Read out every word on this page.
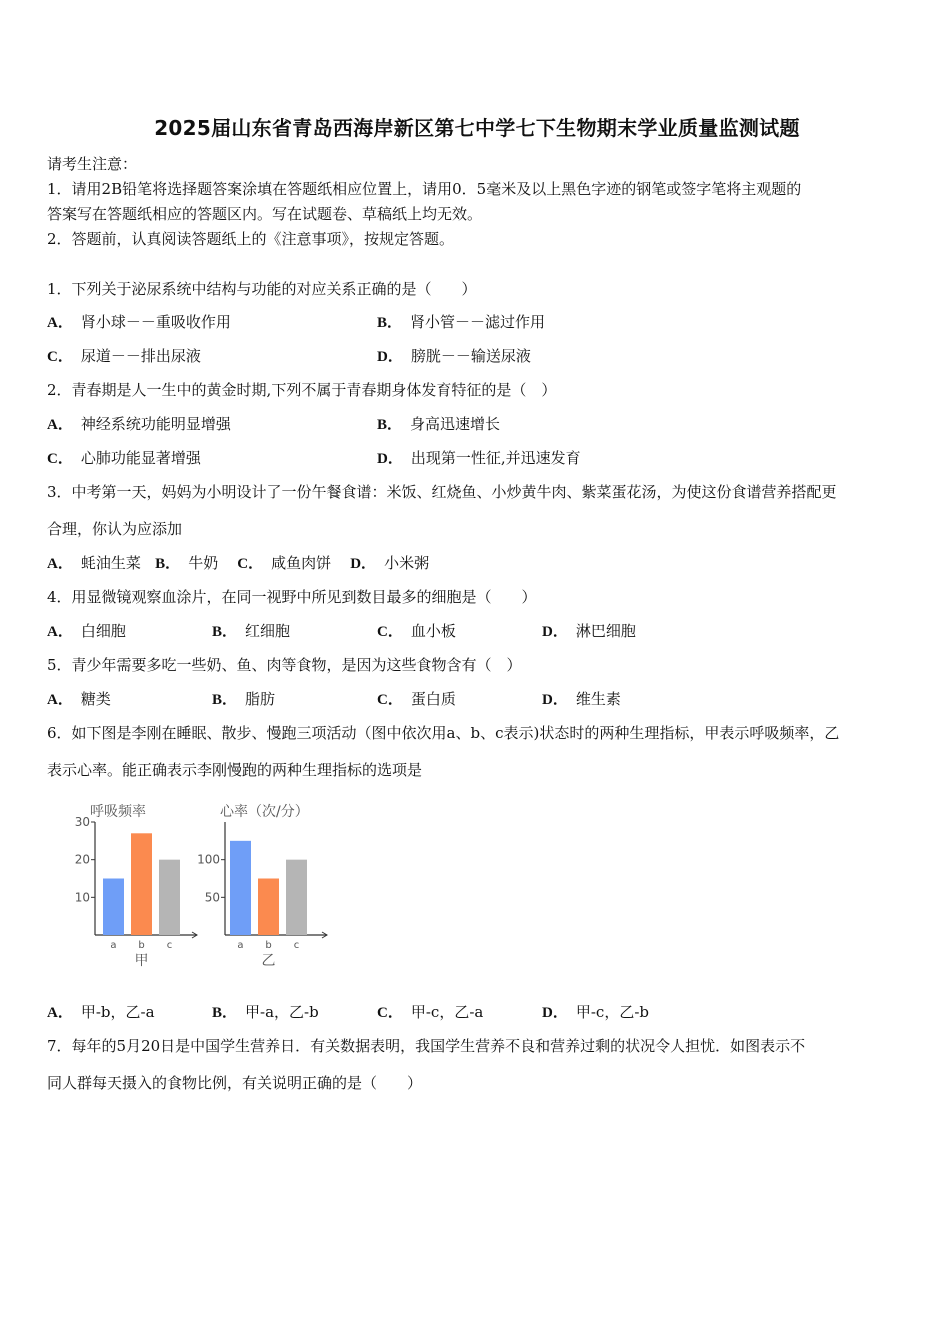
2025届山东省青岛西海岸新区第七中学七下生物期末学业质量监测试题
请考生注意：
1．请用2B铅笔将选择题答案涂填在答题纸相应位置上，请用0．5毫米及以上黑色字迹的钢笔或签字笔将主观题的
答案写在答题纸相应的答题区内。写在试题卷、草稿纸上均无效。
2．答题前，认真阅读答题纸上的《注意事项》，按规定答题。
1．下列关于泌尿系统中结构与功能的对应关系正确的是（　　）
A． 肾小球－－重吸收作用	B． 肾小管－－滤过作用
C． 尿道－－排出尿液	D． 膀胱－－输送尿液
2．青春期是人一生中的黄金时期,下列不属于青春期身体发育特征的是（　）
A． 神经系统功能明显增强	B． 身高迅速增长
C． 心肺功能显著增强	D． 出现第一性征,并迅速发育
3．中考第一天，妈妈为小明设计了一份午餐食谱：米饭、红烧鱼、小炒黄牛肉、紫菜蛋花汤，为使这份食谱营养搭配更
合理，你认为应添加
A． 蚝油生菜 B． 牛奶 C． 咸鱼肉饼 D． 小米粥
4．用显微镜观察血涂片，在同一视野中所见到数目最多的细胞是（　　）
A． 白细胞	B． 红细胞	C． 血小板	D． 淋巴细胞
5．青少年需要多吃一些奶、鱼、肉等食物，是因为这些食物含有（　）
A． 糖类	B． 脂肪	C． 蛋白质	D． 维生素
6．如下图是李刚在睡眠、散步、慢跑三项活动（图中依次用a、b、c表示)状态时的两种生理指标，甲表示呼吸频率，乙
表示心率。能正确表示李刚慢跑的两种生理指标的选项是
A． 甲-b，乙-a	B． 甲-a，乙-b	C． 甲-c，乙-a	D． 甲-c，乙-b
7．每年的5月20日是中国学生营养日．有关数据表明，我国学生营养不良和营养过剩的状况令人担忧．如图表示不
同人群每天摄入的食物比例，有关说明正确的是（　　）
呼吸频率
10
20
30
a b c
甲
心率（次/分）
50
100
a b c
乙
